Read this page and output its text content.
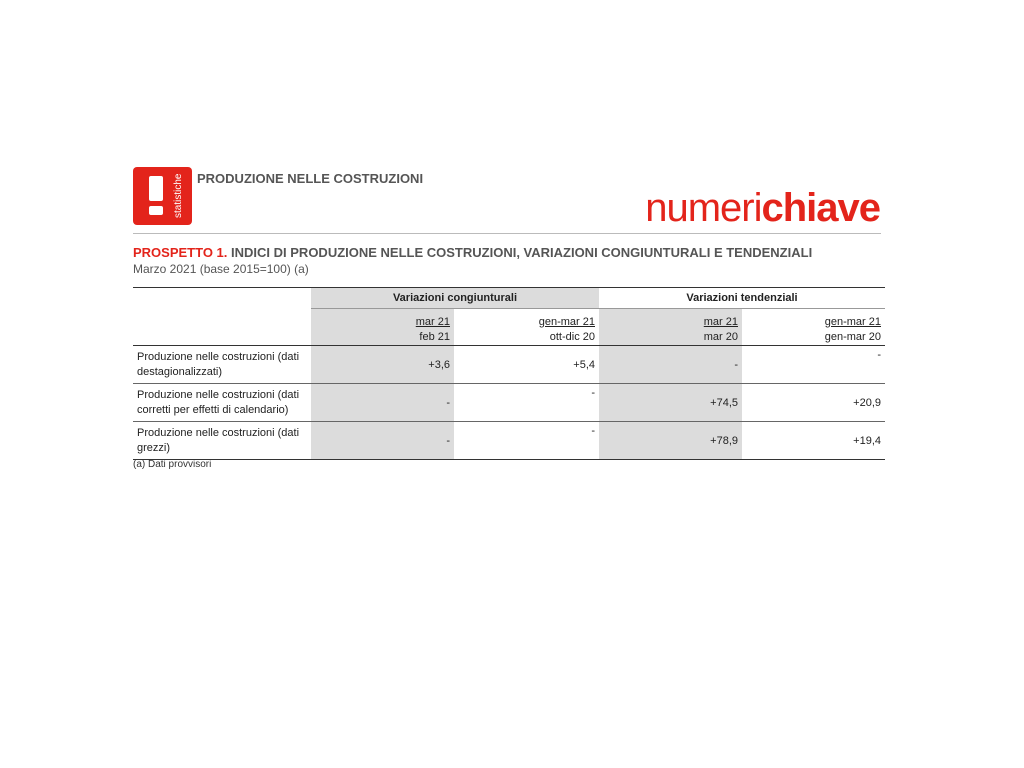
statistiche	PRODUZIONE NELLE COSTRUZIONI
numerichiave
PROSPETTO 1. INDICI DI PRODUZIONE NELLE COSTRUZIONI, VARIAZIONI CONGIUNTURALI E TENDENZIALI
Marzo 2021 (base 2015=100) (a)
	Variazioni congiunturali		Variazioni tendenziali	
	mar 21	gen-mar 21	mar 21	gen-mar 21
	feb 21	ott-dic 20	mar 20	gen-mar 20
Produzione nelle costruzioni (dati destagionalizzati)	+3,6	+5,4	-	-
Produzione nelle costruzioni (dati corretti per effetti di calendario)	-	-	+74,5	+20,9
Produzione nelle costruzioni (dati grezzi)	-	-	+78,9	+19,4
(a) Dati provvisori
